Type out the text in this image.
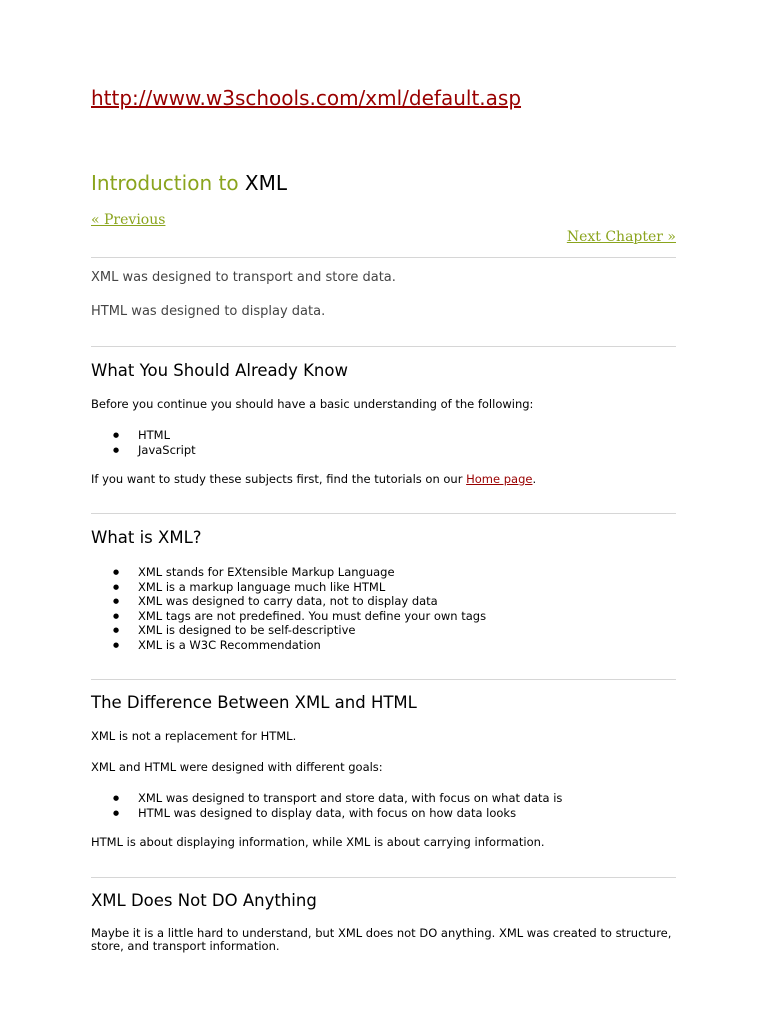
http://www.w3schools.com/xml/default.asp
Introduction to XML
« Previous
Next Chapter »
XML was designed to transport and store data.
HTML was designed to display data.
What You Should Already Know

Before you continue you should have a basic understanding of the following:

● HTML
● JavaScript

If you want to study these subjects first, find the tutorials on our Home page.

What is XML?
● XML stands for EXtensible Markup Language
● XML is a markup language much like HTML
● XML was designed to carry data, not to display data
● XML tags are not predefined. You must define your own tags
● XML is designed to be self-descriptive
● XML is a W3C Recommendation
The Difference Between XML and HTML

XML is not a replacement for HTML.

XML and HTML were designed with different goals:

● XML was designed to transport and store data, with focus on what data is
● HTML was designed to display data, with focus on how data looks

HTML is about displaying information, while XML is about carrying information.

XML Does Not DO Anything

Maybe it is a little hard to understand, but XML does not DO anything. XML was created to structure, store, and transport information.
